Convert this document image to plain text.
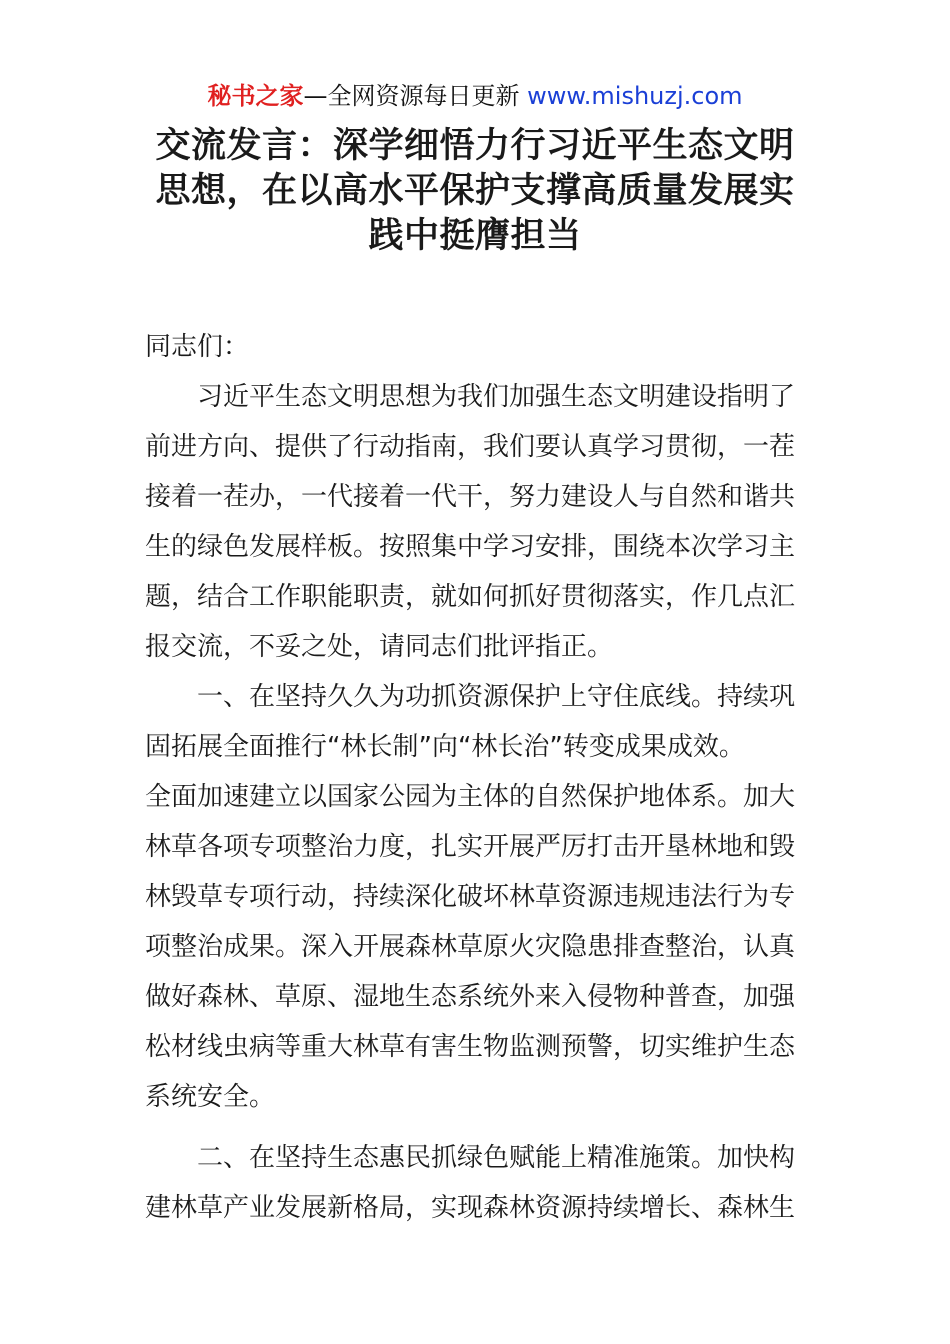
秘书之家—全网资源每日更新 www.mishuzj.com
交流发言：深学细悟力行习近平生态文明
思想，在以高水平保护支撑高质量发展实
践中挺膺担当
同志们：
　　习近平生态文明思想为我们加强生态文明建设指明了
前进方向、提供了行动指南，我们要认真学习贯彻，一茬
接着一茬办，一代接着一代干，努力建设人与自然和谐共
生的绿色发展样板。按照集中学习安排，围绕本次学习主
题，结合工作职能职责，就如何抓好贯彻落实，作几点汇
报交流，不妥之处，请同志们批评指正。
　　一、在坚持久久为功抓资源保护上守住底线。持续巩
固拓展全面推行“林长制”向“林长治”转变成果成效。
全面加速建立以国家公园为主体的自然保护地体系。加大
林草各项专项整治力度，扎实开展严厉打击开垦林地和毁
林毁草专项行动，持续深化破坏林草资源违规违法行为专
项整治成果。深入开展森林草原火灾隐患排查整治，认真
做好森林、草原、湿地生态系统外来入侵物种普查，加强
松材线虫病等重大林草有害生物监测预警，切实维护生态
系统安全。
　　二、在坚持生态惠民抓绿色赋能上精准施策。加快构
建林草产业发展新格局，实现森林资源持续增长、森林生
